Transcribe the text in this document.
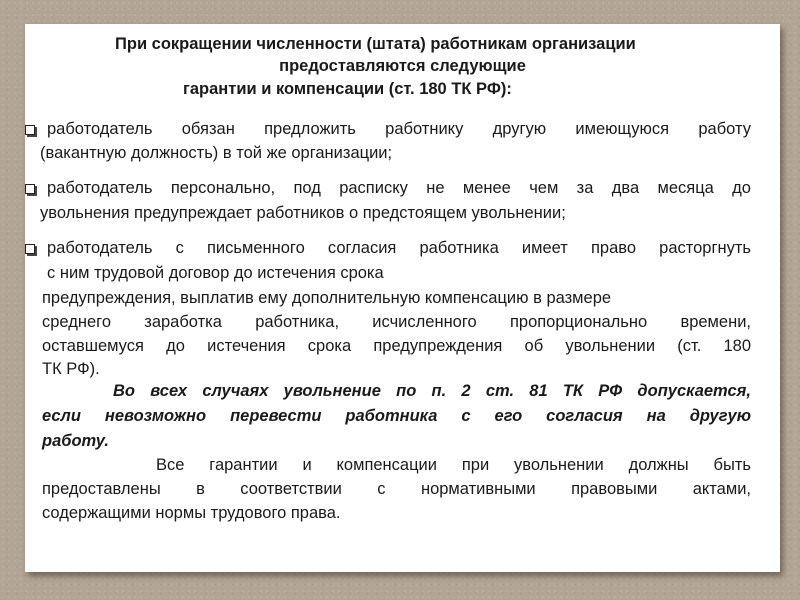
При сокращении численности (штата) работникам организации
предоставляются следующие
гарантии и компенсации (ст. 180 ТК РФ):
работодатель обязан предложить работнику другую имеющуюся работу
(вакантную должность) в той же организации;
работодатель персонально, под расписку не менее чем за два месяца до
увольнения предупреждает работников о предстоящем увольнении;
работодатель с письменного согласия работника имеет право расторгнуть
с ним трудовой договор до истечения срока
предупреждения, выплатив ему дополнительную компенсацию в размере
среднего заработка работника, исчисленного пропорционально времени,
оставшемуся до истечения срока предупреждения об увольнении (ст. 180
ТК РФ).
Во всех случаях увольнение по п. 2 ст. 81 ТК РФ допускается,
если невозможно перевести работника с его согласия на другую
работу.
Все гарантии и компенсации при увольнении должны быть
предоставлены в соответствии с нормативными правовыми актами,
содержащими нормы трудового права.
